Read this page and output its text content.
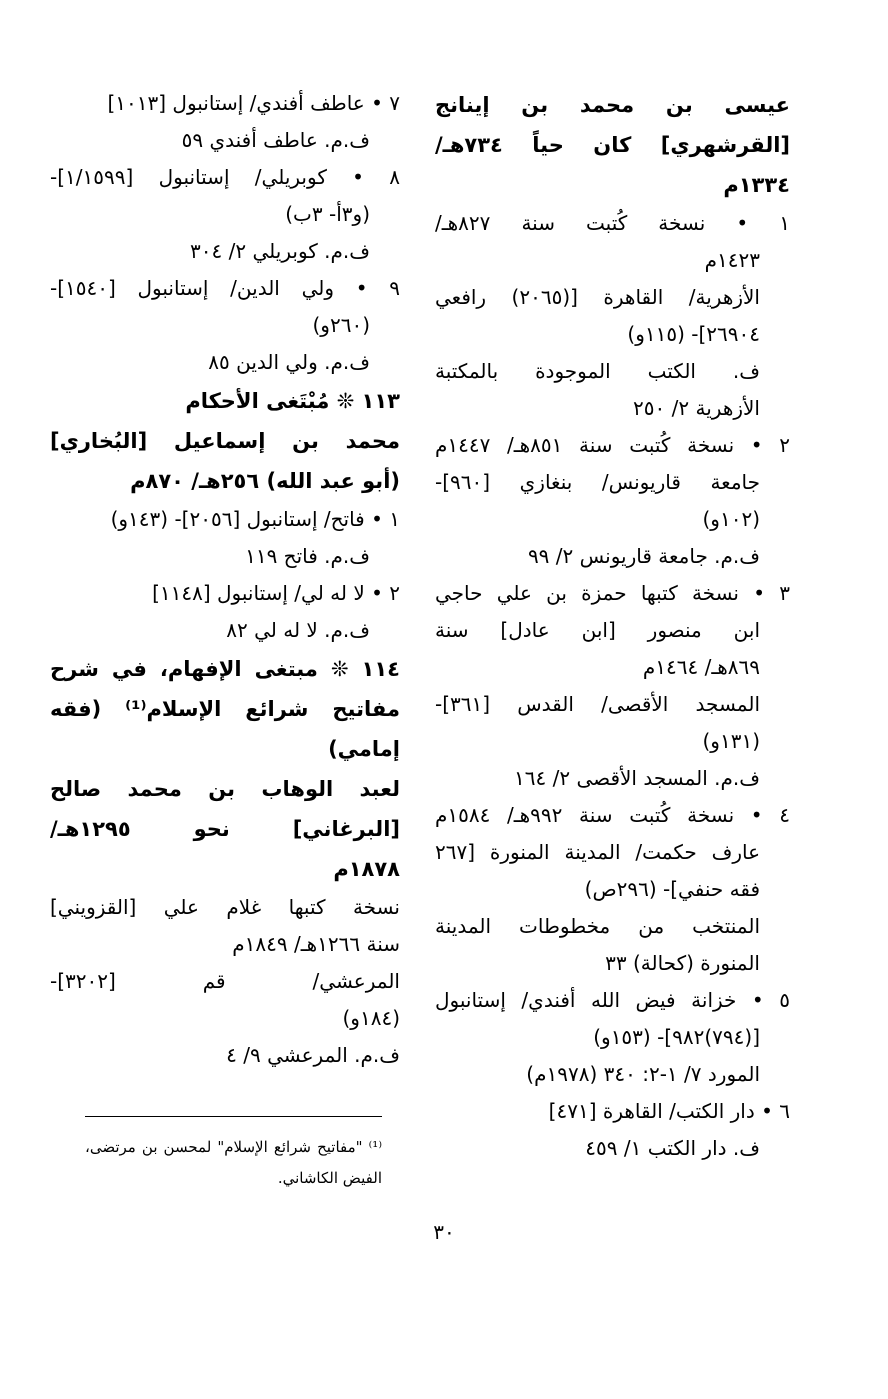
عيسى بن محمد بن إينانج
[القرشهري] كان حياً ٧٣٤هـ/
١٣٣٤م
١ • نسخة كُتبت سنة ٨٢٧هـ/
١٤٢٣م
الأزهرية/ القاهرة [(٢٠٦٥) رافعي
٢٦٩٠٤]- (١١٥و)
ف. الكتب الموجودة بالمكتبة
الأزهرية ٢/ ٢٥٠
٢ • نسخة كُتبت سنة ٨٥١هـ/ ١٤٤٧م
جامعة قاريونس/ بنغازي [٩٦٠]-
(١٠٢و)
ف.م. جامعة قاريونس ٢/ ٩٩
٣ • نسخة كتبها حمزة بن علي حاجي
ابن منصور [ابن عادل] سنة
٨٦٩هـ/ ١٤٦٤م
المسجد الأقصى/ القدس [٣٦١]-
(١٣١و)
ف.م. المسجد الأقصى ٢/ ١٦٤
٤ • نسخة كُتبت سنة ٩٩٢هـ/ ١٥٨٤م
عارف حكمت/ المدينة المنورة [٢٦٧
فقه حنفي]- (٢٩٦ص)
المنتخب من مخطوطات المدينة
المنورة (كحالة) ٣٣
٥ • خزانة فيض الله أفندي/ إستانبول
[(٧٩٤)٩٨٢]- (١٥٣و)
المورد ٧/ ١-٢: ٣٤٠ (١٩٧٨م)
٦ • دار الكتب/ القاهرة [٤٧١]
ف. دار الكتب ١/ ٤٥٩
٧ • عاطف أفندي/ إستانبول [١٠١٣]
ف.م. عاطف أفندي ٥٩
٨ • كوبريلي/ إستانبول [١/١٥٩٩]-
(و٣أ- ٣ب)
ف.م. كوبريلي ٢/ ٣٠٤
٩ • ولي الدين/ إستانبول [١٥٤٠]-
(٢٦٠و)
ف.م. ولي الدين ٨٥
١١٣ ❊ مُبْتَغى الأحكام
محمد بن إسماعيل [البُخاري]
(أبو عبد الله) ٢٥٦هـ/ ٨٧٠م
١ • فاتح/ إستانبول [٢٠٥٦]- (١٤٣و)
ف.م. فاتح ١١٩
٢ • لا له لي/ إستانبول [١١٤٨]
ف.م. لا له لي ٨٢
١١٤ ❊ مبتغى الإفهام، في شرح
مفاتيح شرائع الإسلام⁽¹⁾ (فقه
إمامي)
لعبد الوهاب بن محمد صالح
[البرغاني] نحو ١٢٩٥هـ/
١٨٧٨م
نسخة كتبها غلام علي [القزويني]
سنة ١٢٦٦هـ/ ١٨٤٩م
المرعشي/ قم [٣٢٠٢]-
(١٨٤و)
ف.م. المرعشي ٩/ ٤
⁽¹⁾ "مفاتيح شرائع الإسلام" لمحسن بن مرتضى،
الفيض الكاشاني.
٣٠
